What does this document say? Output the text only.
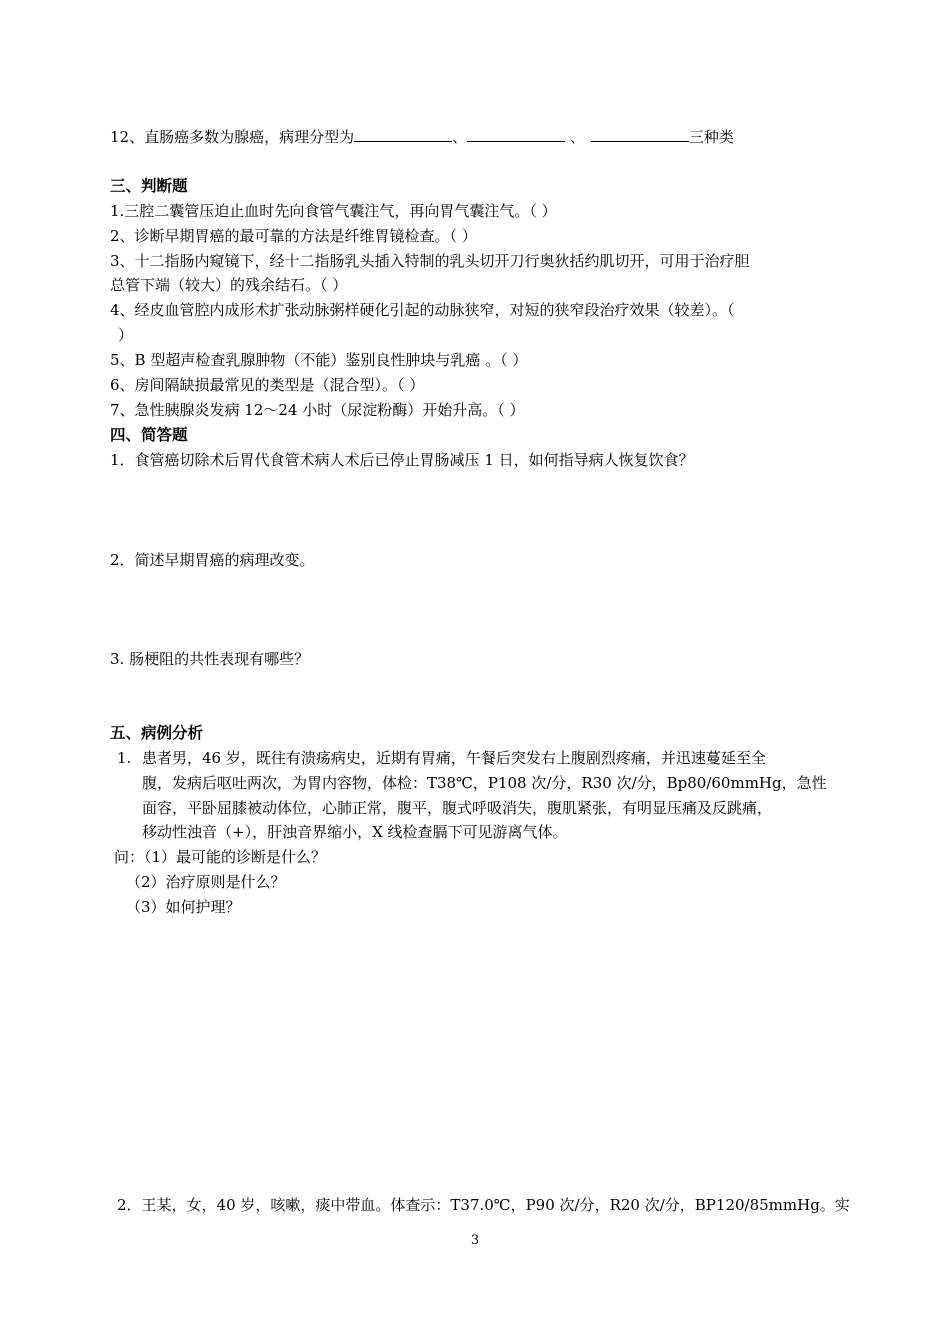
12、直肠癌多数为腺癌，病理分型为	、	、	三种类
三、判断题
1.三腔二囊管压迫止血时先向食管气囊注气，再向胃气囊注气。（ ）
2、诊断早期胃癌的最可靠的方法是纤维胃镜检查。（ ）
3、十二指肠内窥镜下，经十二指肠乳头插入特制的乳头切开刀行奥狄括约肌切开，可用于治疗胆
总管下端（较大）的残余结石。（ ）
4、经皮血管腔内成形术扩张动脉粥样硬化引起的动脉狭窄，对短的狭窄段治疗效果（较差）。（
）
5、B 型超声检查乳腺肿物（不能）鉴别良性肿块与乳癌 。（ ）
6、房间隔缺损最常见的类型是（混合型）。（ ）
7、急性胰腺炎发病 12～24 小时（尿淀粉酶）开始升高。（ ）
四、简答题
1．食管癌切除术后胃代食管术病人术后已停止胃肠减压 1 日，如何指导病人恢复饮食？
2．简述早期胃癌的病理改变。
3. 肠梗阻的共性表现有哪些？
五、病例分析
1. 患者男，46 岁，既往有溃疡病史，近期有胃痛，午餐后突发右上腹剧烈疼痛，并迅速蔓延至全
腹，发病后呕吐两次，为胃内容物，体检：T38℃，P108 次/分，R30 次/分，Bp80/60mmHg，急性
面容，平卧屈膝被动体位，心肺正常，腹平，腹式呼吸消失，腹肌紧张，有明显压痛及反跳痛，
移动性浊音（+），肝浊音界缩小，X 线检查膈下可见游离气体。
问：（1）最可能的诊断是什么？
（2）治疗原则是什么？
（3）如何护理？
2．王某，女，40 岁，咳嗽，痰中带血。体查示：T37.0℃，P90 次/分，R20 次/分，BP120/85mmHg。实
3
